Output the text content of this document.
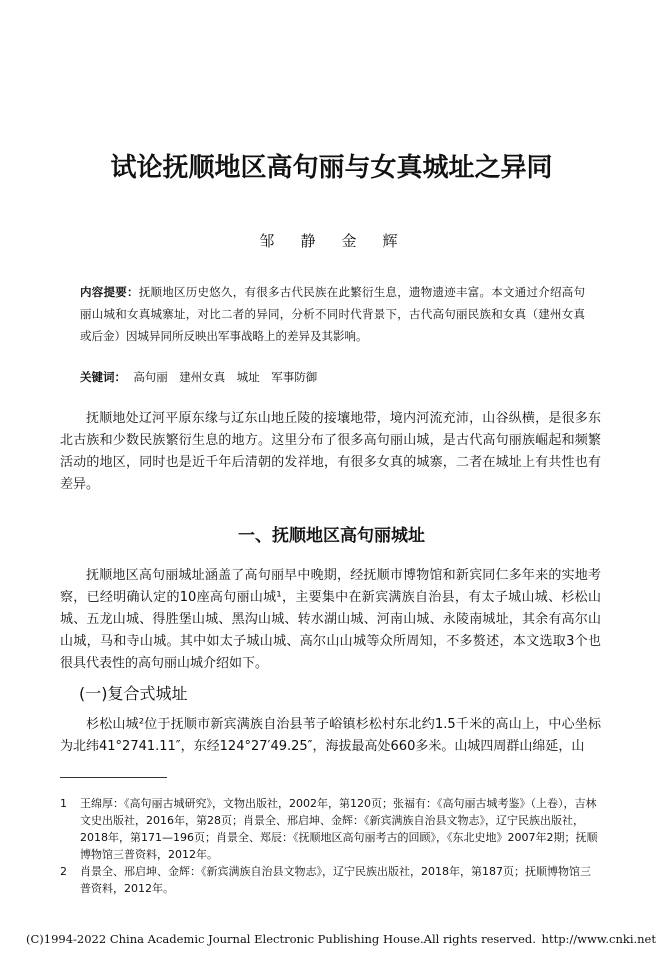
试论抚顺地区高句丽与女真城址之异同
邹静金辉
内容提要：抚顺地区历史悠久，有很多古代民族在此繁衍生息，遗物遗迹丰富。本文通过介绍高句丽山城和女真城寨址，对比二者的异同，分析不同时代背景下，古代高句丽民族和女真（建州女真或后金）因城异同所反映出军事战略上的差异及其影响。
关键词： 高句丽　建州女真　城址　军事防御
抚顺地处辽河平原东缘与辽东山地丘陵的接壤地带，境内河流充沛，山谷纵横，是很多东北古族和少数民族繁衍生息的地方。这里分布了很多高句丽山城，是古代高句丽族崛起和频繁活动的地区，同时也是近千年后清朝的发祥地，有很多女真的城寨，二者在城址上有共性也有差异。
一、抚顺地区高句丽城址
抚顺地区高句丽城址涵盖了高句丽早中晚期，经抚顺市博物馆和新宾同仁多年来的实地考察，已经明确认定的10座高句丽山城¹，主要集中在新宾满族自治县，有太子城山城、杉松山城、五龙山城、得胜堡山城、黑沟山城、转水湖山城、河南山城、永陵南城址，其余有高尔山山城，马和寺山城。其中如太子城山城、高尔山山城等众所周知，不多赘述，本文选取3个也很具代表性的高句丽山城介绍如下。
(一)复合式城址
杉松山城²位于抚顺市新宾满族自治县苇子峪镇杉松村东北约1.5千米的高山上，中心坐标为北纬41°2741.11″，东经124°27′49.25″，海拔最高处660多米。山城四周群山绵延，山
1	王绵厚：《高句丽古城研究》，文物出版社，2002年，第120页；张福有：《高句丽古城考鉴》（上卷），吉林文史出版社，2016年，第28页；肖景全、邢启坤、金辉：《新宾满族自治县文物志》，辽宁民族出版社，2018年，第171—196页；肖景全、郑辰：《抚顺地区高句丽考古的回顾》，《东北史地》2007年2期；抚顺博物馆三普资料，2012年。
2	肖景全、邢启坤、金辉：《新宾满族自治县文物志》，辽宁民族出版社，2018年，第187页；抚顺博物馆三普资料，2012年。
(C)1994-2022 China Academic Journal Electronic Publishing House.All rights reserved. http://www.cnki.net
